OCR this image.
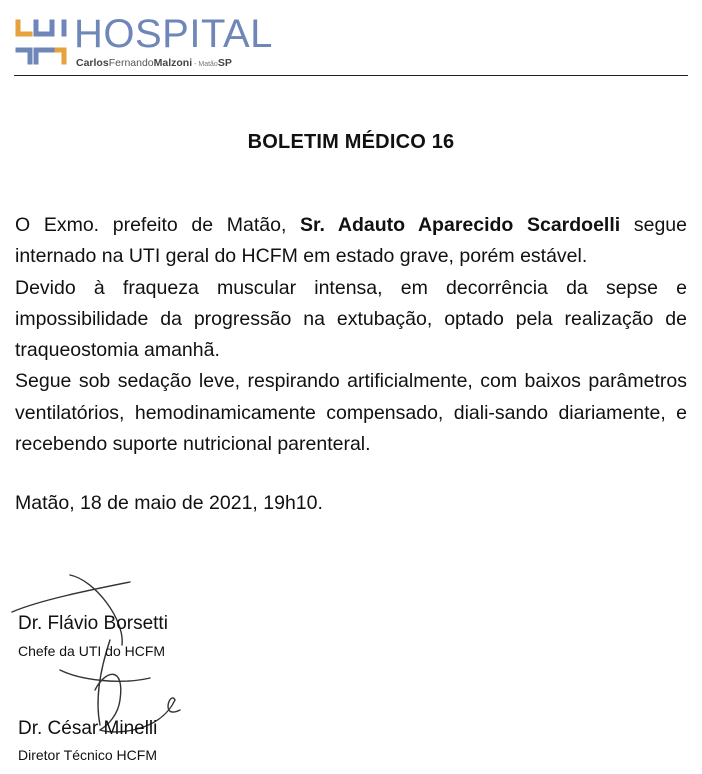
HOSPITAL
CarlosFernandoMalzoni - MatãoSP
BOLETIM MÉDICO 16

O Exmo. prefeito de Matão, Sr. Adauto Aparecido Scardoelli segue internado na UTI geral do HCFM em estado grave, porém estável.

Devido à fraqueza muscular intensa, em decorrência da sepse e impossibilidade da progressão na extubação, optado pela realização de traqueostomia amanhã.

Segue sob sedação leve, respirando artificialmente, com baixos parâmetros ventilatórios, hemodinamicamente compensado, diali-sando diariamente, e recebendo suporte nutricional parenteral.

Matão, 18 de maio de 2021, 19h10.
Dr. Flávio Borsetti
Chefe da UTI do HCFM
Dr. César Minelli
Diretor Técnico HCFM
